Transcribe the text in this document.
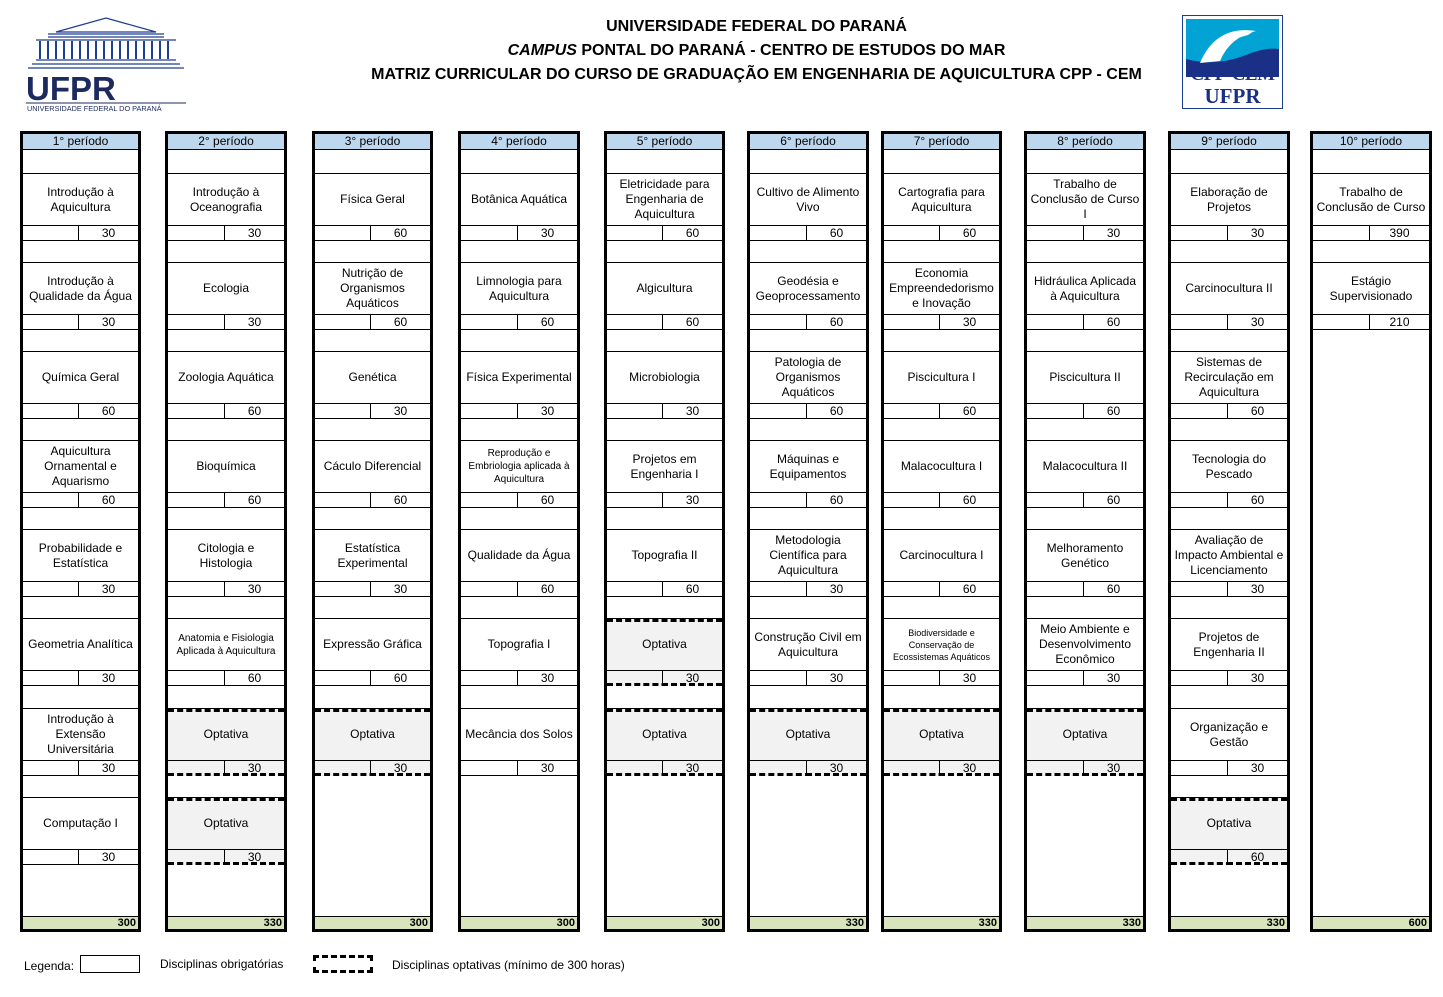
UFPR
UNIVERSIDADE FEDERAL DO PARANÁ
UNIVERSIDADE FEDERAL DO PARANÁ
CAMPUS PONTAL DO PARANÁ - CENTRO DE ESTUDOS DO MAR
MATRIZ CURRICULAR DO CURSO DE GRADUAÇÃO EM ENGENHARIA DE AQUICULTURA CPP - CEM	CPP-CEM
UFPR
1° período
Introdução à Aquicultura
30
Introdução à Qualidade da Água
30
Química Geral
60
Aquicultura Ornamental e Aquarismo
60
Probabilidade e Estatística
30
Geometria Analítica
30
Introdução à Extensão Universitária
30
Computação I
30
300
2° período
Introdução à Oceanografia
30
Ecologia
30
Zoologia Aquática
60
Bioquímica
60
Citologia e Histologia
30
Anatomia e Fisiologia Aplicada à Aquicultura
60
Optativa
30
Optativa
30
330
3° período
Física Geral
60
Nutrição de Organismos Aquáticos
60
Genética
30
Cáculo Diferencial
60
Estatística Experimental
30
Expressão Gráfica
60
Optativa
30
300
4° período
Botânica Aquática
30
Limnologia para Aquicultura
60
Física Experimental
30
Reprodução e Embriologia aplicada à Aquicultura
60
Qualidade da Água
60
Topografia I
30
Mecância dos Solos
30
300
5° período
Eletricidade para Engenharia de Aquicultura
60
Algicultura
60
Microbiologia
30
Projetos em Engenharia I
30
Topografia II
60
Optativa
30
Optativa
30
300
6° período
Cultivo de Alimento Vivo
60
Geodésia e Geoprocessamento
60
Patologia de Organismos Aquáticos
60
Máquinas e Equipamentos
60
Metodologia Científica para Aquicultura
30
Construção Civil em Aquicultura
30
Optativa
30
330
7° período
Cartografia para Aquicultura
60
Economia Empreendedorismo e Inovação
30
Piscicultura I
60
Malacocultura I
60
Carcinocultura I
60
Biodiversidade e Conservação de Ecossistemas Aquáticos
30
Optativa
30
330
8° período
Trabalho de Conclusão de Curso I
30
Hidráulica Aplicada à Aquicultura
60
Piscicultura II
60
Malacocultura II
60
Melhoramento Genético
60
Meio Ambiente e Desenvolvimento Econômico
30
Optativa
30
330
9° período
Elaboração de Projetos
30
Carcinocultura II
30
Sistemas de Recirculação em Aquicultura
60
Tecnologia do Pescado
60
Avaliação de Impacto Ambiental e Licenciamento
30
Projetos de Engenharia II
30
Organização e Gestão
30
Optativa
60
330
10° período
Trabalho de Conclusão de Curso
390
Estágio Supervisionado
210
600
Legenda:	Disciplinas obrigatórias	Disciplinas optativas (mínimo de 300 horas)
